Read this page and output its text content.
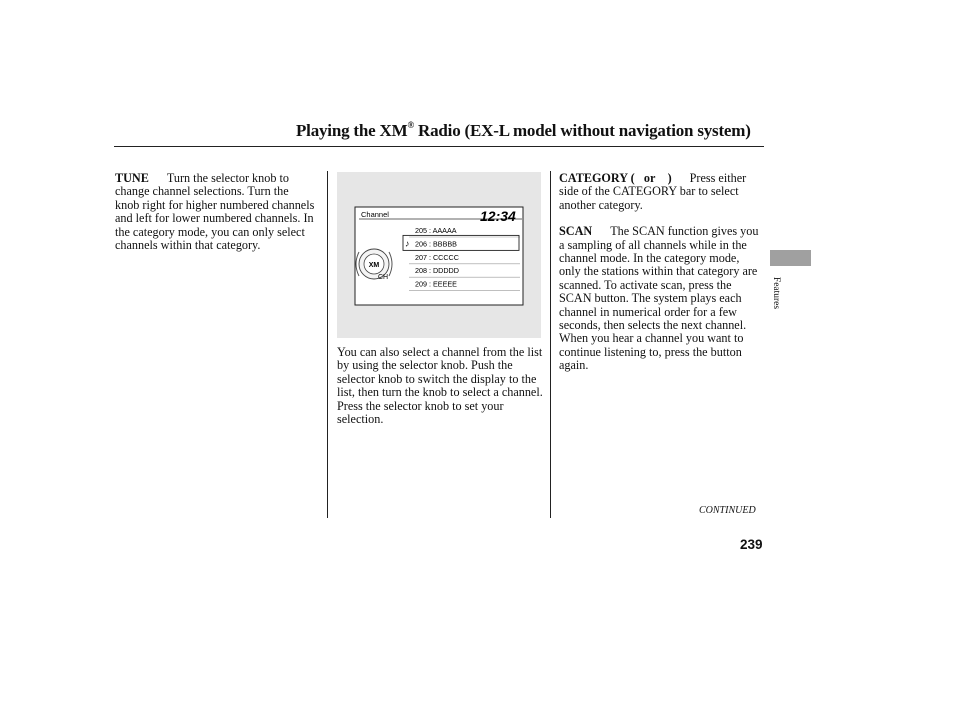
Playing the XM® Radio (EX-L model without navigation system)
TUNE Turn the selector knob to change channel selections. Turn the knob right for higher numbered channels and left for lower numbered channels. In the category mode, you can only select channels within that category.
Channel	12:34
XM
CH
205 : AAAAA
206 : BBBBB
♪
207 : CCCCC
208 : DDDDD
209 : EEEEE
You can also select a channel from the list by using the selector knob. Push the selector knob to switch the display to the list, then turn the knob to select a channel. Press the selector knob to set your selection.

CATEGORY ( or ) Press either side of the CATEGORY bar to select another category.

SCAN The SCAN function gives you a sampling of all channels while in the channel mode. In the category mode, only the stations within that category are scanned. To activate scan, press the SCAN button. The system plays each channel in numerical order for a few seconds, then selects the next channel. When you hear a channel you want to continue listening to, press the button again.

Features
CONTINUED
239
